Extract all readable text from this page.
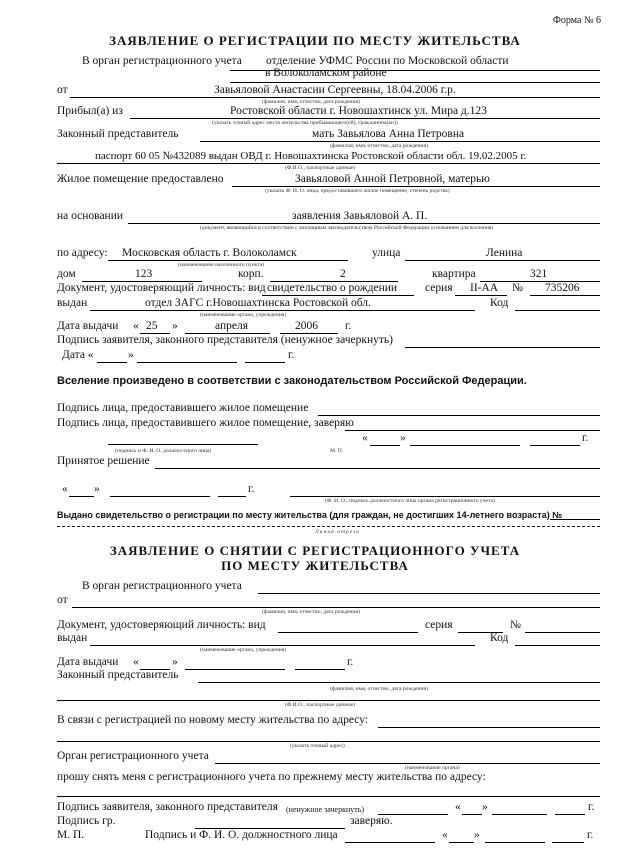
Форма № 6
ЗАЯВЛЕНИЕ О РЕГИСТРАЦИИ ПО МЕСТУ ЖИТЕЛЬСТВА
В орган регистрационного учета отделение УФМС России по Московской области
в Волоколамском районе
от	Завьяловой Анастасии Сергеевны, 18.04.2006 г.р.
(фамилия, имя, отчество, дата рождения)
Прибыл(а) из	Ростовской области г. Новошахтинск ул. Мира д.123
(указать точный адрес места жительства прибывающего(ей), гражданина(ки))
Законный представитель	мать Завьялова Анна Петровна
(фамилия, имя, отчество, дата рождения)
паспорт 60 05 №432089 выдан ОВД г. Новошахтинска Ростовской области обл. 19.02.2005 г.
(Ф.И.О., паспортные данные)
Жилое помещение предоставлено	Завьяловой Анной Петровной, матерью
(указать Ф. И. О. лица, предоставившего жилое помещение, степень родства)
на основании	заявления Завьяловой А. П.
(документ, являющийся в соответствии с жилищным законодательством Российской Федерации основанием для вселения)
по адресу: Московская область г. Волоколамск
(наименование населенного пункта)
улица	Ленина
дом	123	корп.	2	квартира	321
Документ, удостоверяющий личность: вид свидетельство о рождении серия II-АА № 735206
выдан	отдел ЗАГС г.Новошахтинска Ростовской обл.	Код
(наименование органа, учреждения)
Дата выдачи « 25 »	апреля	2006 г.
Подпись заявителя, законного представителя (ненужное зачеркнуть)
Дата «	»	г.
Вселение произведено в соответствии с законодательством Российской Федерации.
Подпись лица, предоставившего жилое помещение
Подпись лица, предоставившего жилое помещение, заверяю
(подпись и Ф. И. О. должностного лица)	М. П.
«	»	г.
Принятое решение
« »	г.
(Ф. И. О., подпись должностного лица органа регистрационного учета)
Выдано свидетельство о регистрации по месту жительства (для граждан, не достигших 14-летнего возраста) №
Линия отреза
ЗАЯВЛЕНИЕ О СНЯТИИ С РЕГИСТРАЦИОННОГО УЧЕТА
ПО МЕСТУ ЖИТЕЛЬСТВА
В орган регистрационного учета
от
(фамилия, имя, отчество, дата рождения)
Документ, удостоверяющий личность: вид	серия	№
выдан	Код
(наименование органа, учреждения)
Дата выдачи «	»	г.
Законный представитель
(фамилия, имя, отчество, дата рождения)
(Ф.И.О., паспортные данные)
В связи с регистрацией по новому месту жительства по адресу:
(указать точный адрес)
Орган регистрационного учета
(наименование органа)
прошу снять меня с регистрационного учета по прежнему месту жительства по адресу:
Подпись заявителя, законного представителя (ненужное зачеркнуть)	« »	г.
Подпись гр.	заверяю.
М. П.	Подпись и Ф. И. О. должностного лица	« »	г.
